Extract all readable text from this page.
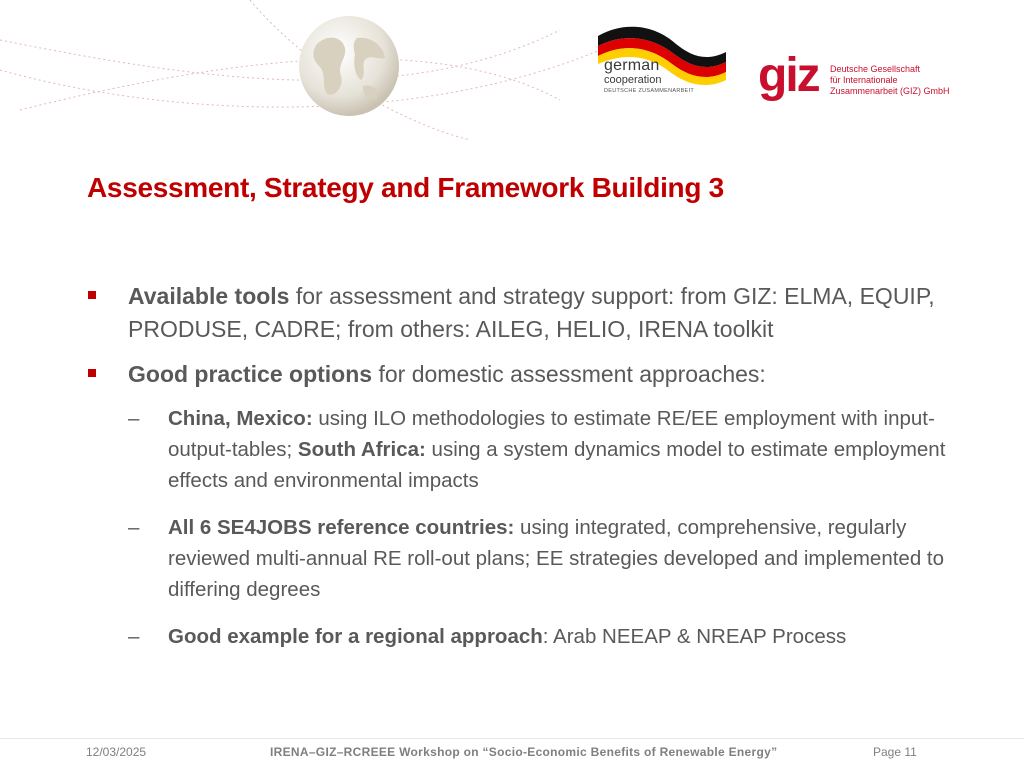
german
cooperation
DEUTSCHE ZUSAMMENARBEIT giz Deutsche Gesellschaft
für Internationale
Zusammenarbeit (GIZ) GmbH
Assessment, Strategy and Framework Building 3
Available tools for assessment and strategy support: from GIZ: ELMA, EQUIP, PRODUSE, CADRE; from others: AILEG, HELIO, IRENA toolkit
Good practice options for domestic assessment approaches:
– China, Mexico: using ILO methodologies to estimate RE/EE employment with input-output-tables; South Africa: using a system dynamics model to estimate employment effects and environmental impacts
– All 6 SE4JOBS reference countries: using integrated, comprehensive, regularly reviewed multi-annual RE roll-out plans; EE strategies developed and implemented to differing degrees
– Good example for a regional approach: Arab NEEAP & NREAP Process
12/03/2025	IRENA–GIZ–RCREEE Workshop on “Socio-Economic Benefits of Renewable Energy”	Page 11
